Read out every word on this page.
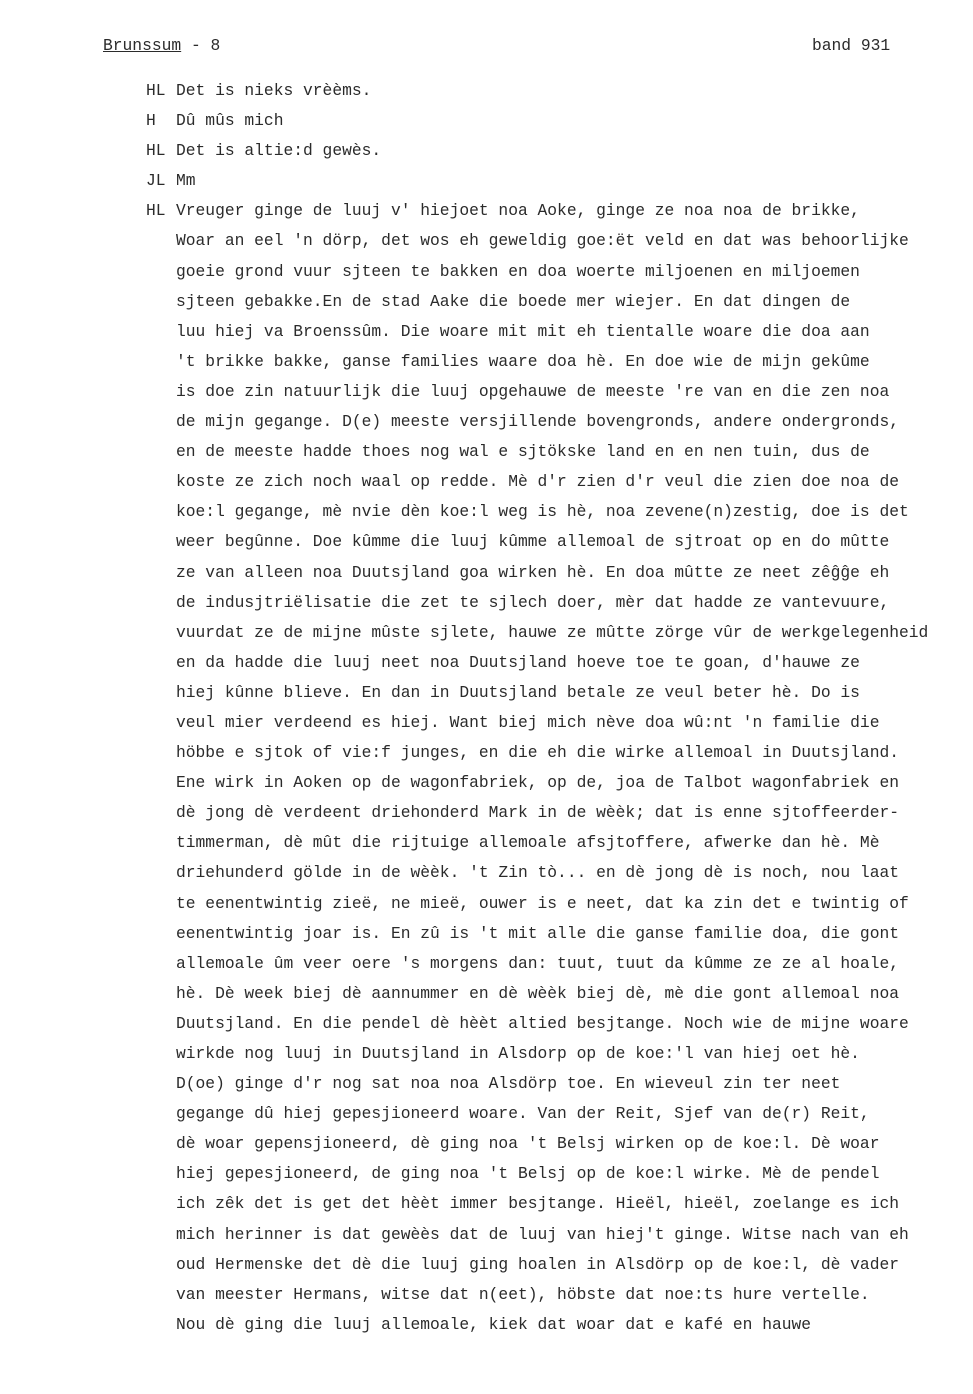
Brunssum - 8	band 931
HL Det is nieks vrèèms.
H Dû mûs mich
HL Det is altie:d gewès.
JL Mm
HL Vreuger ginge de luuj v' hiejoet noa Aoke, ginge ze noa noa de brikke,
Woar an eel 'n dörp, det wos eh geweldig goe:ët veld en dat was behoorlijke
goeie grond vuur sjteen te bakken en doa woerte miljoenen en miljoemen
sjteen gebakke.En de stad Aake die boede mer wiejer. En dat dingen de
luu hiej va Broenssûm. Die woare mit mit eh tientalle woare die doa aan
't brikke bakke, ganse families waare doa hè. En doe wie de mijn gekûme
is doe zin natuurlijk die luuj opgehauwe de meeste 're van en die zen noa
de mijn gegange. D(e) meeste versjillende bovengronds, andere ondergronds,
en de meeste hadde thoes nog wal e sjtökske land en en nen tuin, dus de
koste ze zich noch waal op redde. Mè d'r zien d'r veul die zien doe noa de
koe:l gegange, mè nvie dèn koe:l weg is hè, noa zevene(n)zestig, doe is det
weer begûnne. Doe kûmme die luuj kûmme allemoal de sjtroat op en do mûtte
ze van alleen noa Duutsjland goa wirken hè. En doa mûtte ze neet zêĝĝe eh
de indusjtriëlisatie die zet te sjlech doer, mèr dat hadde ze vantevuure,
vuurdat ze de mijne mûste sjlete, hauwe ze mûtte zörge vûr de werkgelegenheid
en da hadde die luuj neet noa Duutsjland hoeve toe te goan, d'hauwe ze
hiej kûnne blieve. En dan in Duutsjland betale ze veul beter hè. Do is
veul mier verdeend es hiej. Want biej mich nève doa wû:nt 'n familie die
höbbe e sjtok of vie:f junges, en die eh die wirke allemoal in Duutsjland.
Ene wirk in Aoken op de wagonfabriek, op de, joa de Talbot wagonfabriek en
dè jong dè verdeent driehonderd Mark in de wèèk; dat is enne sjtoffeerder-
timmerman, dè mût die rijtuige allemoale afsjtoffere, afwerke dan hè. Mè
driehunderd gölde in de wèèk. 't Zin tò... en dè jong dè is noch, nou laat
te eenentwintig zieë, ne mieë, ouwer is e neet, dat ka zin det e twintig of
eenentwintig joar is. En zû is 't mit alle die ganse familie doa, die gont
allemoale ûm veer oere 's morgens dan: tuut, tuut da kûmme ze ze al hoale,
hè. Dè week biej dè aannummer en dè wèèk biej dè, mè die gont allemoal noa
Duutsjland. En die pendel dè hèèt altied besjtange. Noch wie de mijne woare
wirkde nog luuj in Duutsjland in Alsdorp op de koe:'l van hiej oet hè.
D(oe) ginge d'r nog sat noa noa Alsdörp toe. En wieveul zin ter neet
gegange dû hiej gepesjioneerd woare. Van der Reit, Sjef van de(r) Reit,
dè woar gepensjioneerd, dè ging noa 't Belsj wirken op de koe:l. Dè woar
hiej gepesjioneerd, de ging noa 't Belsj op de koe:l wirke. Mè de pendel
ich zêk det is get det hèèt immer besjtange. Hieël, hieël, zoelange es ich
mich herinner is dat gewèès dat de luuj van hiej't ginge. Witse nach van eh
oud Hermenske det dè die luuj ging hoalen in Alsdörp op de koe:l, dè vader
van meester Hermans, witse dat n(eet), höbste dat noe:ts hure vertelle.
Nou dè ging die luuj allemoale, kiek dat woar dat e kafé en hauwe
